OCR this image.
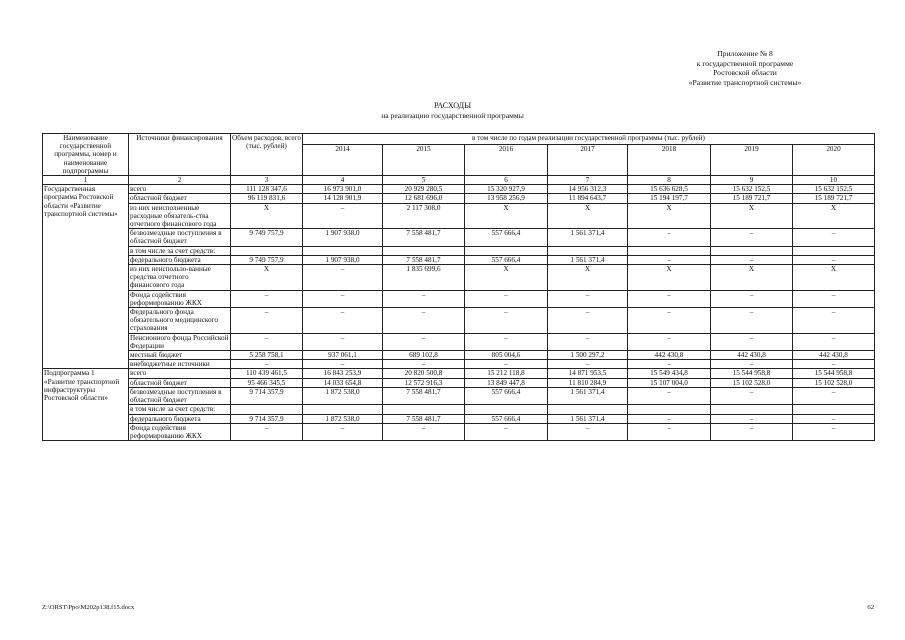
Приложение № 8
к государственной программе
Ростовской области
«Развитие транспортной системы»
РАСХОДЫ
на реализацию государственной программы
Наименование государственной программы, номер и наименование подпрограммы	Источники финансирования	Объем расходов, всего (тыс. рублей)	в том числе по годам реализации государственной программы (тыс. рублей)						
			2014	2015	2016	2017	2018	2019	2020
1	2	3	4	5	6	7	8	9	10
Государственная программа Ростовской области «Развитие транспортной системы»	всего	111 128 347,6	16 973 901,0	20 929 280,5	15 320 927,9	14 956 312,3	15 636 628,5	15 632 152,5	15 632 152,5
	областной бюджет	96 119 831,6	14 128 901,9	12 681 696,0	13 958 256,9	11 894 643,7	15 194 197,7	15 189 721,7	15 189 721,7
	из них неисполненные расходные обязатель-ства отчетного финансового года	X	–	2 117 308,0	X	X	X	X	X
	безвозмездные поступления в областной бюджет	9 749 757,9	1 907 938,0	7 558 481,7	557 666,4	1 561 371,4	–	–	–
	в том числе за счет средств:								
	федерального бюджета	9 749 757,9	1 907 938,0	7 558 481,7	557 666,4	1 561 371,4	–	–	–
	из них неиспользо-ванные средства отчетного финансового года	X	–	1 835 699,6	X	X	X	X	X
	Фонда содействия реформированию ЖКХ	–	–	–	–	–	–	–	–
	Федерального фонда обязательного медицинского страхования	–	–	–	–	–	–	–	–
	Пенсионного фонда Российской Федерации	–	–	–	–	–	–	–	–
	местный бюджет	5 258 758,1	937 061,1	689 102,8	805 004,6	1 500 297,2	442 430,8	442 430,8	442 430,8
	внебюджетные источники	–	–	–	–	–	–	–	–
Подпрограмма 1 «Развитие транспортной инфраструктуры Ростовской области»	всего	110 439 461,5	16 843 253,9	20 820 500,8	15 212 118,8	14 871 953,5	15 549 434,8	15 544 958,8	15 544 958,8
	областной бюджет	95 466 345,5	14 033 654,8	12 572 916,3	13 849 447,8	11 810 284,9	15 107 004,0	15 102 528,0	15 102 528,0
	безвозмездные поступления в областной бюджет	9 714 357,9	1 872 538,0	7 558 481,7	557 666,4	1 561 371,4	–	–	–
	в том числе за счет средств:								
	федерального бюджета	9 714 357,9	1 872 538,0	7 558 481,7	557 666,4	1 561 371,4	–	–	–
	Фонда содействия реформированию ЖКХ	–	–	–	–	–	–	–	–
Z:\ORST\Ppo\M202p138.f15.docx	62
